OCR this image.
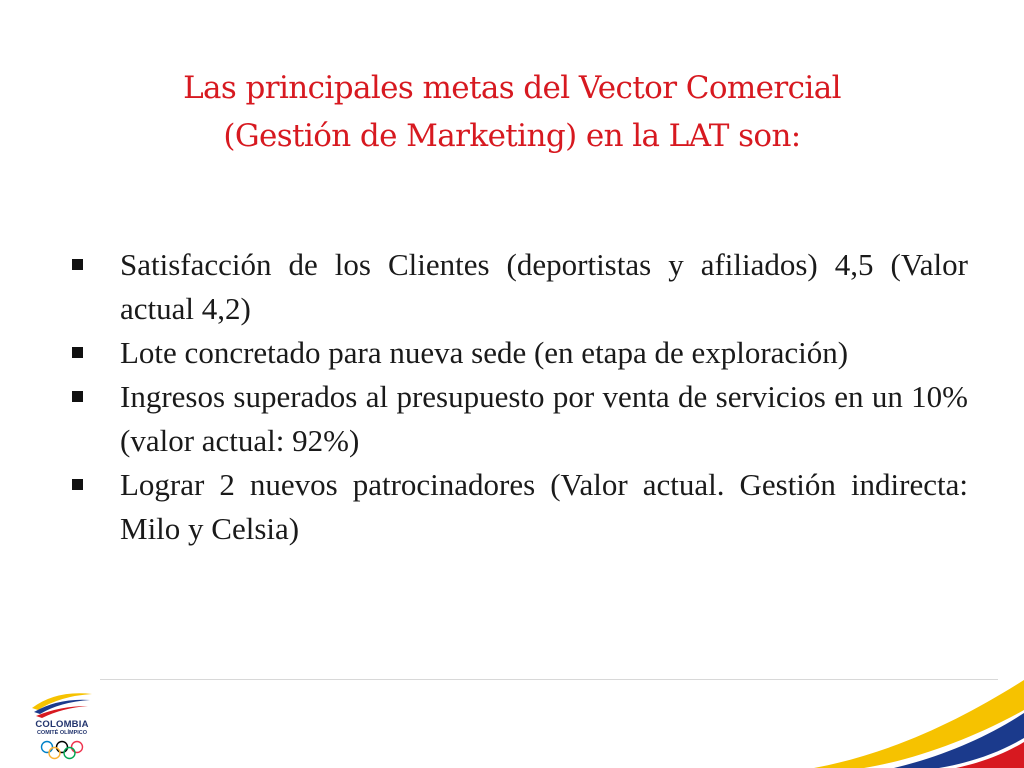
Las principales metas del Vector Comercial
(Gestión de Marketing) en la LAT son:
Satisfacción de los Clientes (deportistas y afiliados) 4,5 (Valor actual 4,2)
Lote concretado para nueva sede (en etapa de exploración)
Ingresos superados al presupuesto por venta de servicios en un 10% (valor actual: 92%)
Lograr 2 nuevos patrocinadores (Valor actual. Gestión indirecta: Milo y Celsia)
COLOMBIA
COMITÉ OLÍMPICO
